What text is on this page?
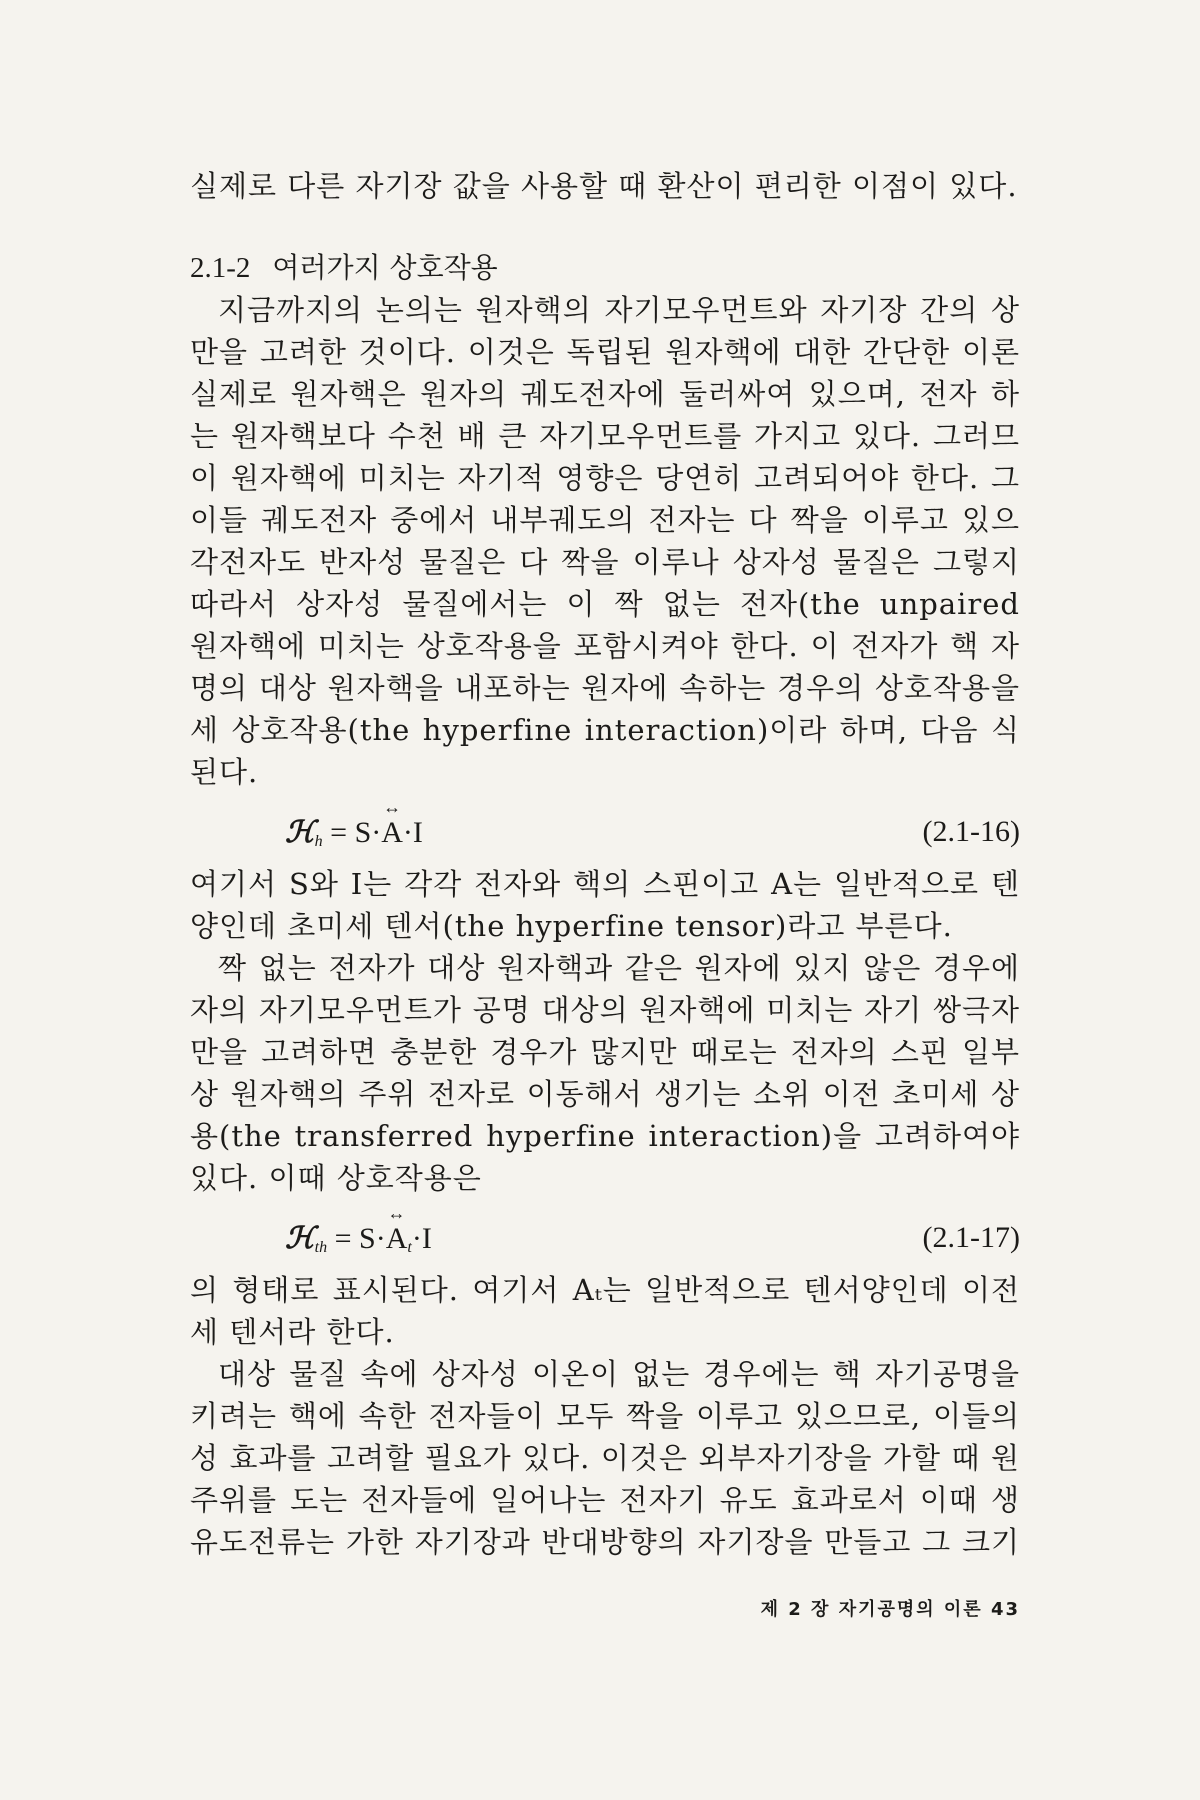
실제로 다른 자기장 값을 사용할 때 환산이 편리한 이점이 있다.
2.1-2 여러가지 상호작용
지금까지의 논의는 원자핵의 자기모우먼트와 자기장 간의 상
만을 고려한 것이다. 이것은 독립된 원자핵에 대한 간단한 이론
실제로 원자핵은 원자의 궤도전자에 둘러싸여 있으며, 전자 하
는 원자핵보다 수천 배 큰 자기모우먼트를 가지고 있다. 그러므
이 원자핵에 미치는 자기적 영향은 당연히 고려되어야 한다. 그
이들 궤도전자 중에서 내부궤도의 전자는 다 짝을 이루고 있으
각전자도 반자성 물질은 다 짝을 이루나 상자성 물질은 그렇지
따라서 상자성 물질에서는 이 짝 없는 전자(the unpaired
원자핵에 미치는 상호작용을 포함시켜야 한다. 이 전자가 핵 자
명의 대상 원자핵을 내포하는 원자에 속하는 경우의 상호작용을
세 상호작용(the hyperfine interaction)이라 하며, 다음 식
된다.
ℋ$_h$ = S·
↔
A·I	(2.1-16)
여기서 S와 I는 각각 전자와 핵의 스핀이고 A는 일반적으로 텐
양인데 초미세 텐서(the hyperfine tensor)라고 부른다.
짝 없는 전자가 대상 원자핵과 같은 원자에 있지 않은 경우에
자의 자기모우먼트가 공명 대상의 원자핵에 미치는 자기 쌍극자
만을 고려하면 충분한 경우가 많지만 때로는 전자의 스핀 일부
상 원자핵의 주위 전자로 이동해서 생기는 소위 이전 초미세 상
용(the transferred hyperfine interaction)을 고려하여야
있다. 이때 상호작용은
ℋ$_{th}$ = S·
↔
$A_t\cdot I$	(2.1-17)
의 형태로 표시된다. 여기서 Aₜ는 일반적으로 텐서양인데 이전
세 텐서라 한다.
대상 물질 속에 상자성 이온이 없는 경우에는 핵 자기공명을
키려는 핵에 속한 전자들이 모두 짝을 이루고 있으므로, 이들의
성 효과를 고려할 필요가 있다. 이것은 외부자기장을 가할 때 원
주위를 도는 전자들에 일어나는 전자기 유도 효과로서 이때 생
유도전류는 가한 자기장과 반대방향의 자기장을 만들고 그 크기
제 2 장 자기공명의 이론 43
